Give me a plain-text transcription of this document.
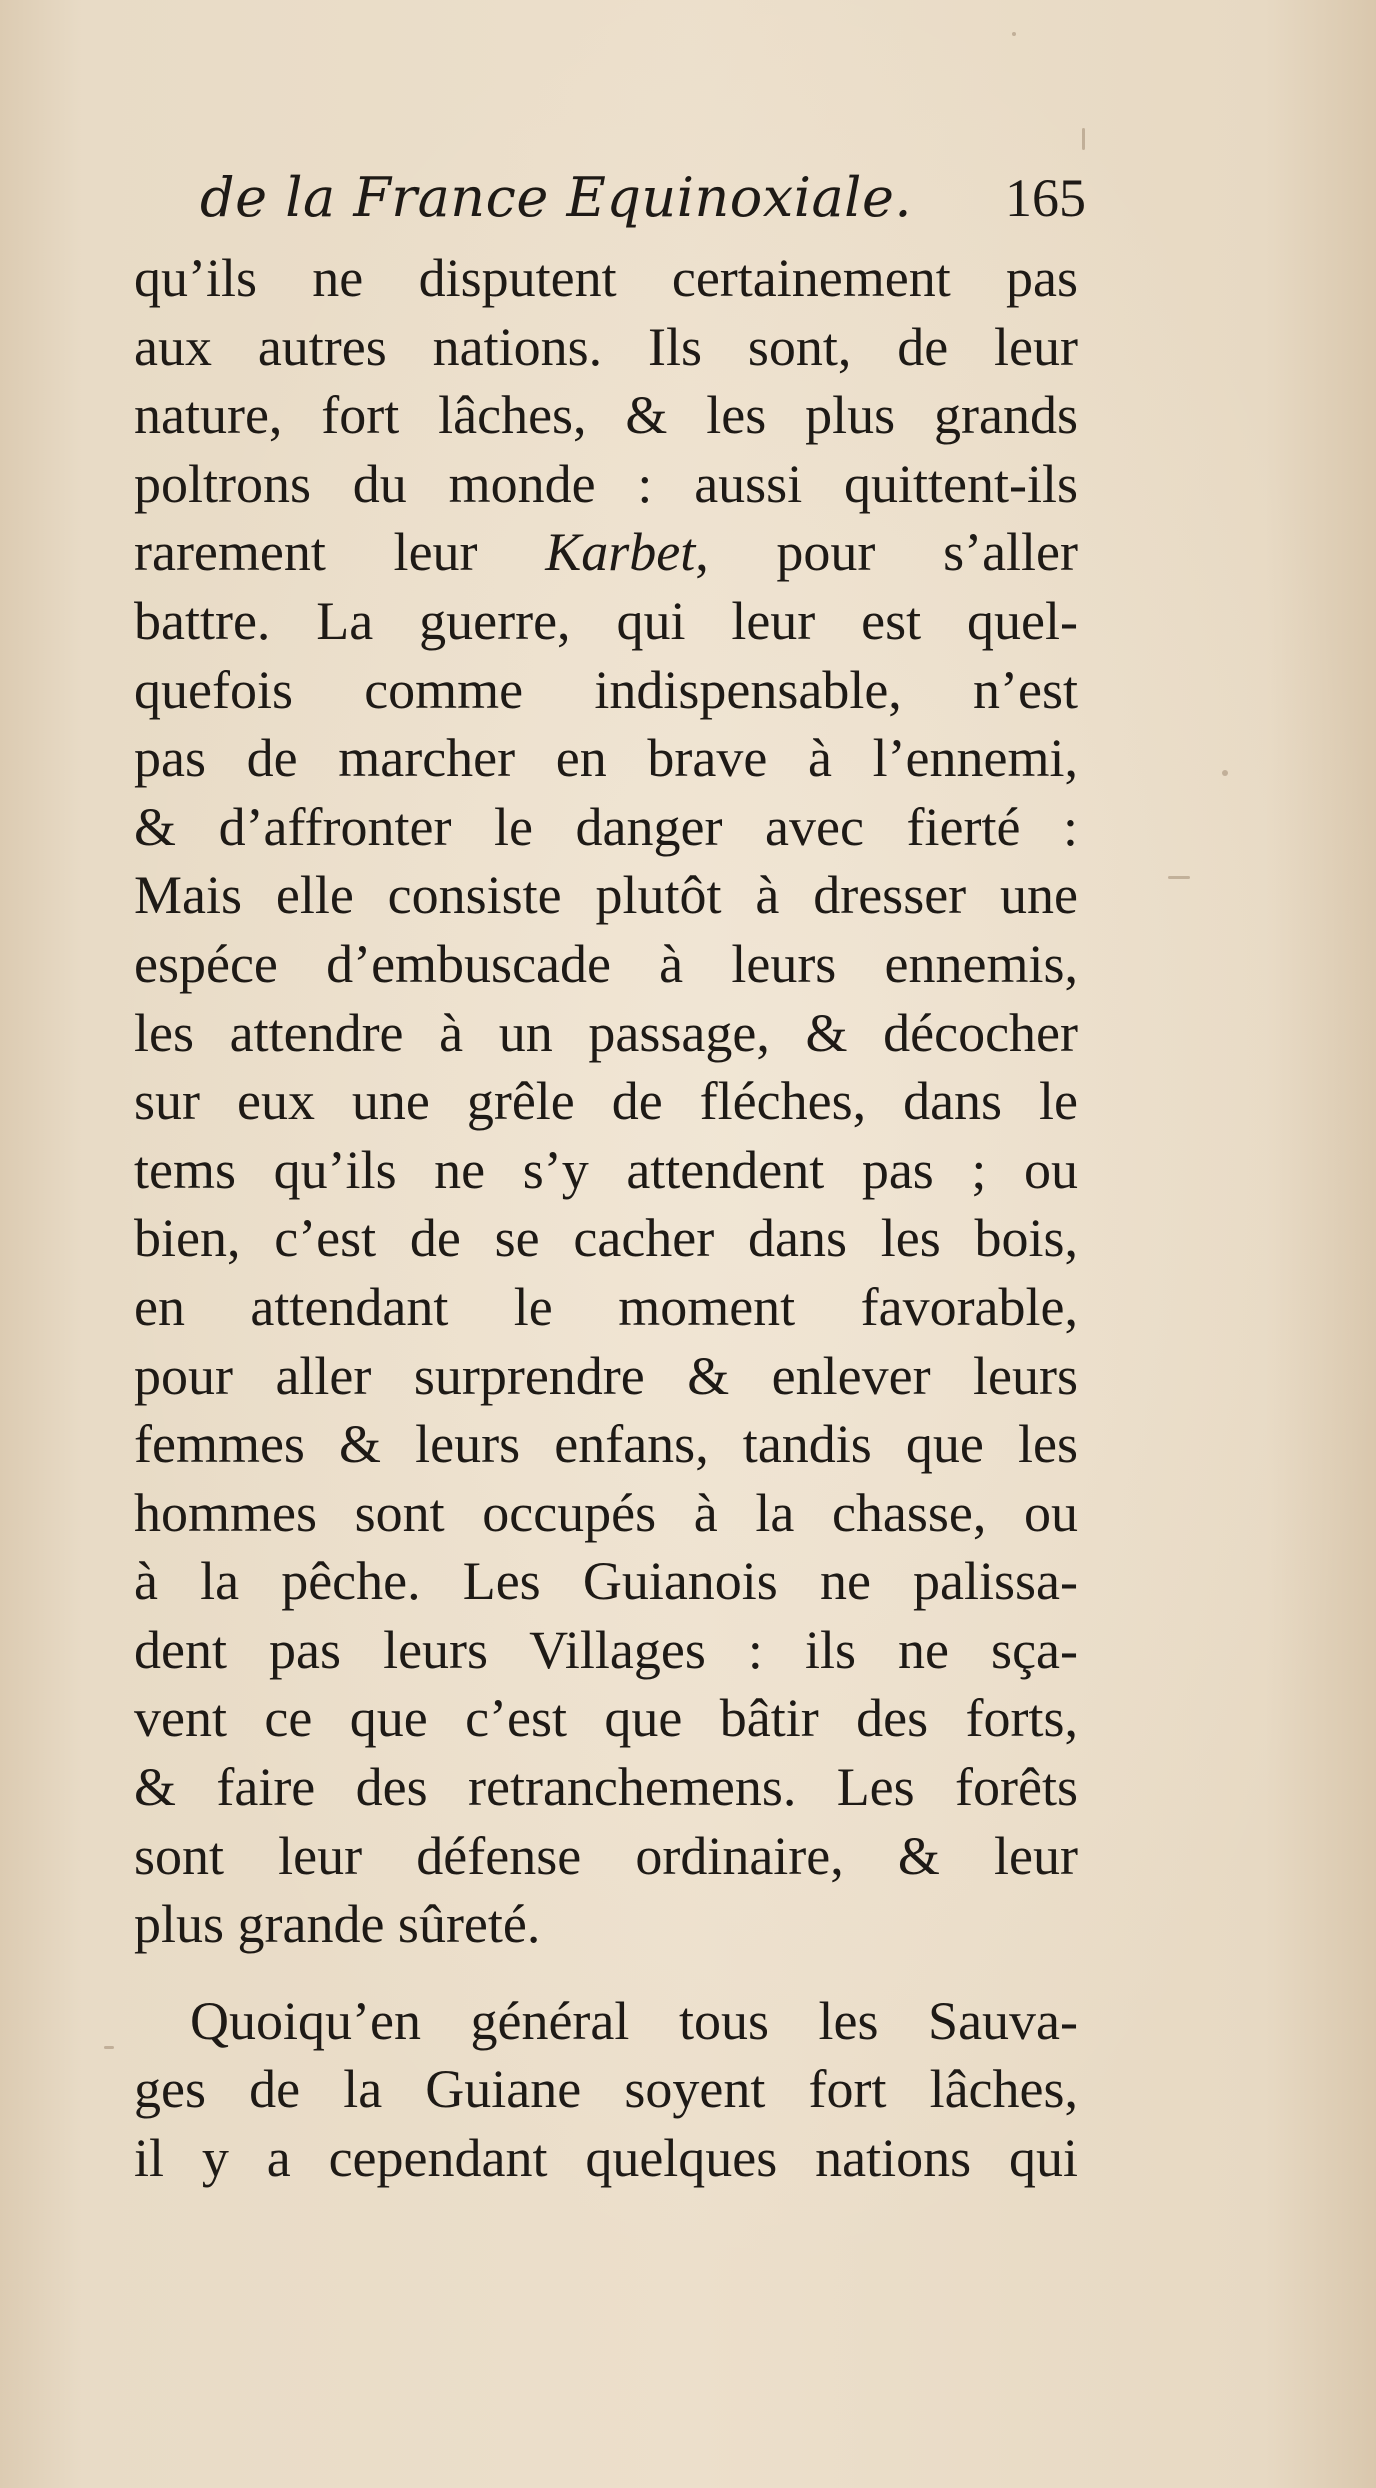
de la France Equinoxiale. 165
qu’ils ne disputent certainement pas
aux autres nations. Ils sont, de leur
nature, fort lâches, & les plus grands
poltrons du monde : aussi quittent-ils
rarement leur Karbet, pour s’aller
battre. La guerre, qui leur est quel-
quefois comme indispensable, n’est
pas de marcher en brave à l’ennemi,
& d’affronter le danger avec fierté :
Mais elle consiste plutôt à dresser une
espéce d’embuscade à leurs ennemis,
les attendre à un passage, & décocher
sur eux une grêle de fléches, dans le
tems qu’ils ne s’y attendent pas ; ou
bien, c’est de se cacher dans les bois,
en attendant le moment favorable,
pour aller surprendre & enlever leurs
femmes & leurs enfans, tandis que les
hommes sont occupés à la chasse, ou
à la pêche. Les Guianois ne palissa-
dent pas leurs Villages : ils ne sça-
vent ce que c’est que bâtir des forts,
& faire des retranchemens. Les forêts
sont leur défense ordinaire, & leur
plus grande sûreté.
Quoiqu’en général tous les Sauva-
ges de la Guiane soyent fort lâches,
il y a cependant quelques nations qui
